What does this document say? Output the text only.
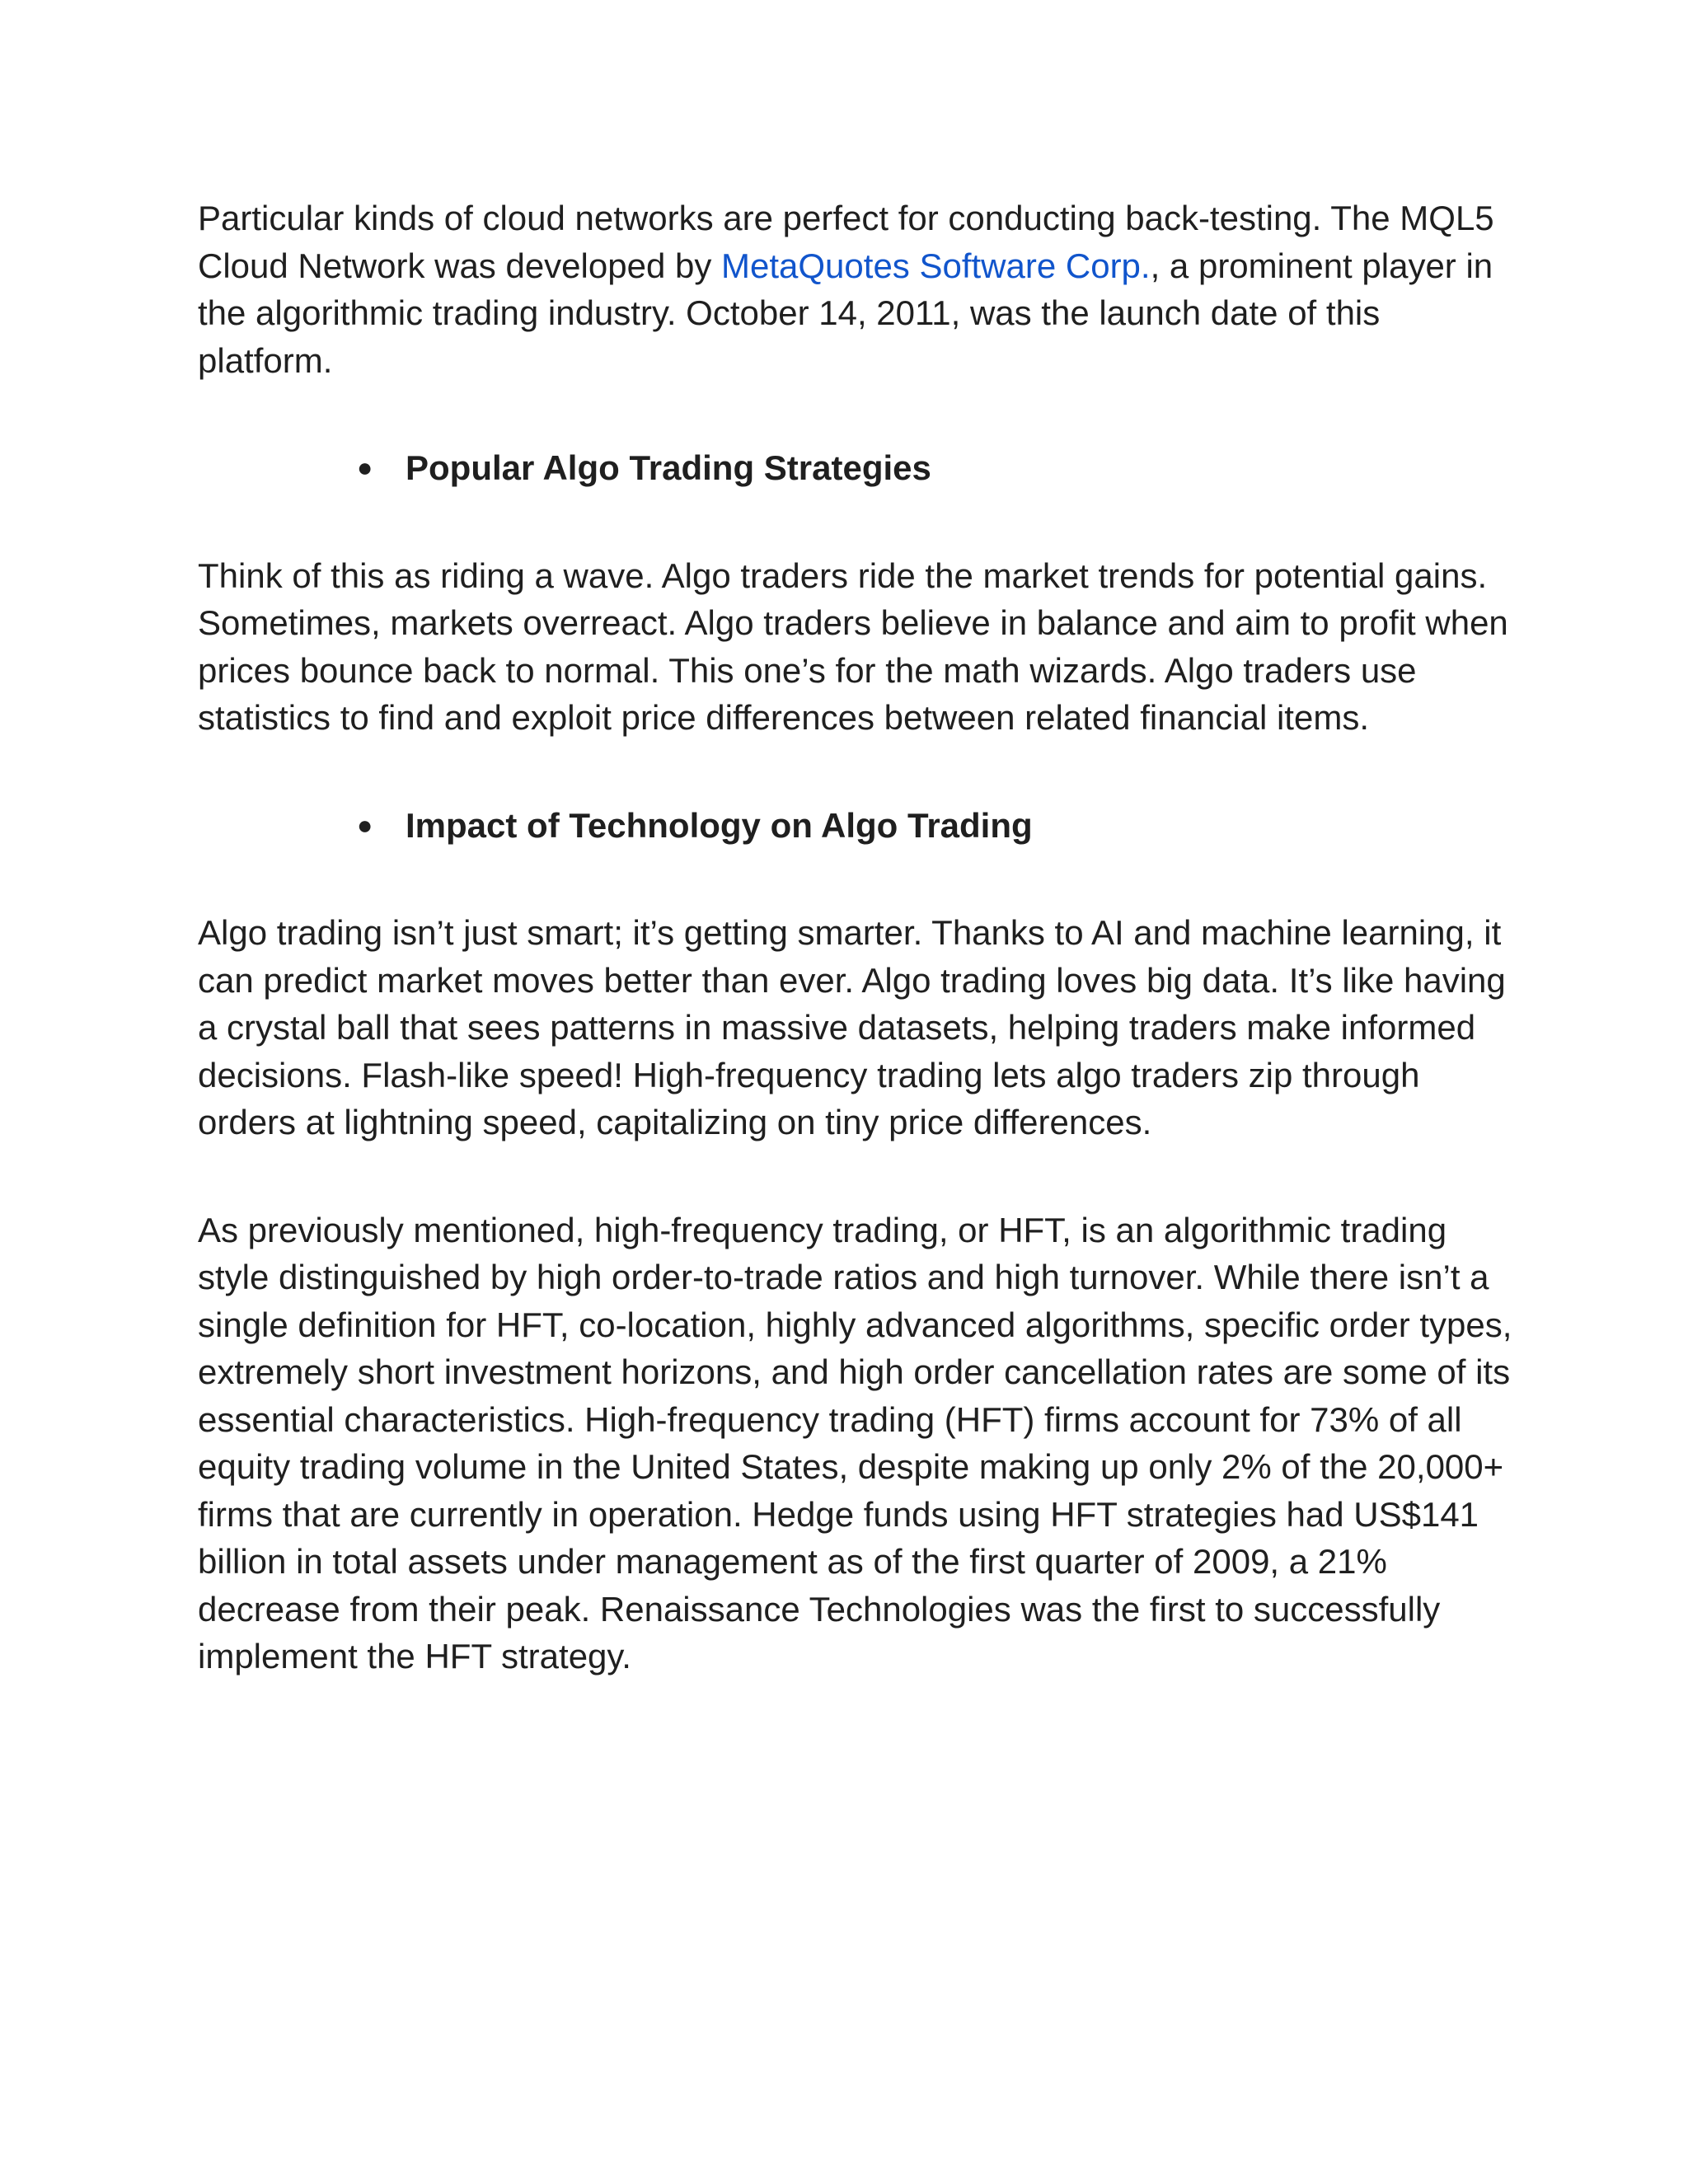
Particular kinds of cloud networks are perfect for conducting back-testing. The MQL5 Cloud Network was developed by MetaQuotes Software Corp., a prominent player in the algorithmic trading industry. October 14, 2011, was the launch date of this platform.

● Popular Algo Trading Strategies

Think of this as riding a wave. Algo traders ride the market trends for potential gains. Sometimes, markets overreact. Algo traders believe in balance and aim to profit when prices bounce back to normal. This one’s for the math wizards. Algo traders use statistics to find and exploit price differences between related financial items.

● Impact of Technology on Algo Trading

Algo trading isn’t just smart; it’s getting smarter. Thanks to AI and machine learning, it can predict market moves better than ever. Algo trading loves big data. It’s like having a crystal ball that sees patterns in massive datasets, helping traders make informed decisions. Flash-like speed! High-frequency trading lets algo traders zip through orders at lightning speed, capitalizing on tiny price differences.

As previously mentioned, high-frequency trading, or HFT, is an algorithmic trading style distinguished by high order-to-trade ratios and high turnover. While there isn’t a single definition for HFT, co-location, highly advanced algorithms, specific order types, extremely short investment horizons, and high order cancellation rates are some of its essential characteristics. High-frequency trading (HFT) firms account for 73% of all equity trading volume in the United States, despite making up only 2% of the 20,000+ firms that are currently in operation. Hedge funds using HFT strategies had US$141 billion in total assets under management as of the first quarter of 2009, a 21% decrease from their peak. Renaissance Technologies was the first to successfully implement the HFT strategy.
